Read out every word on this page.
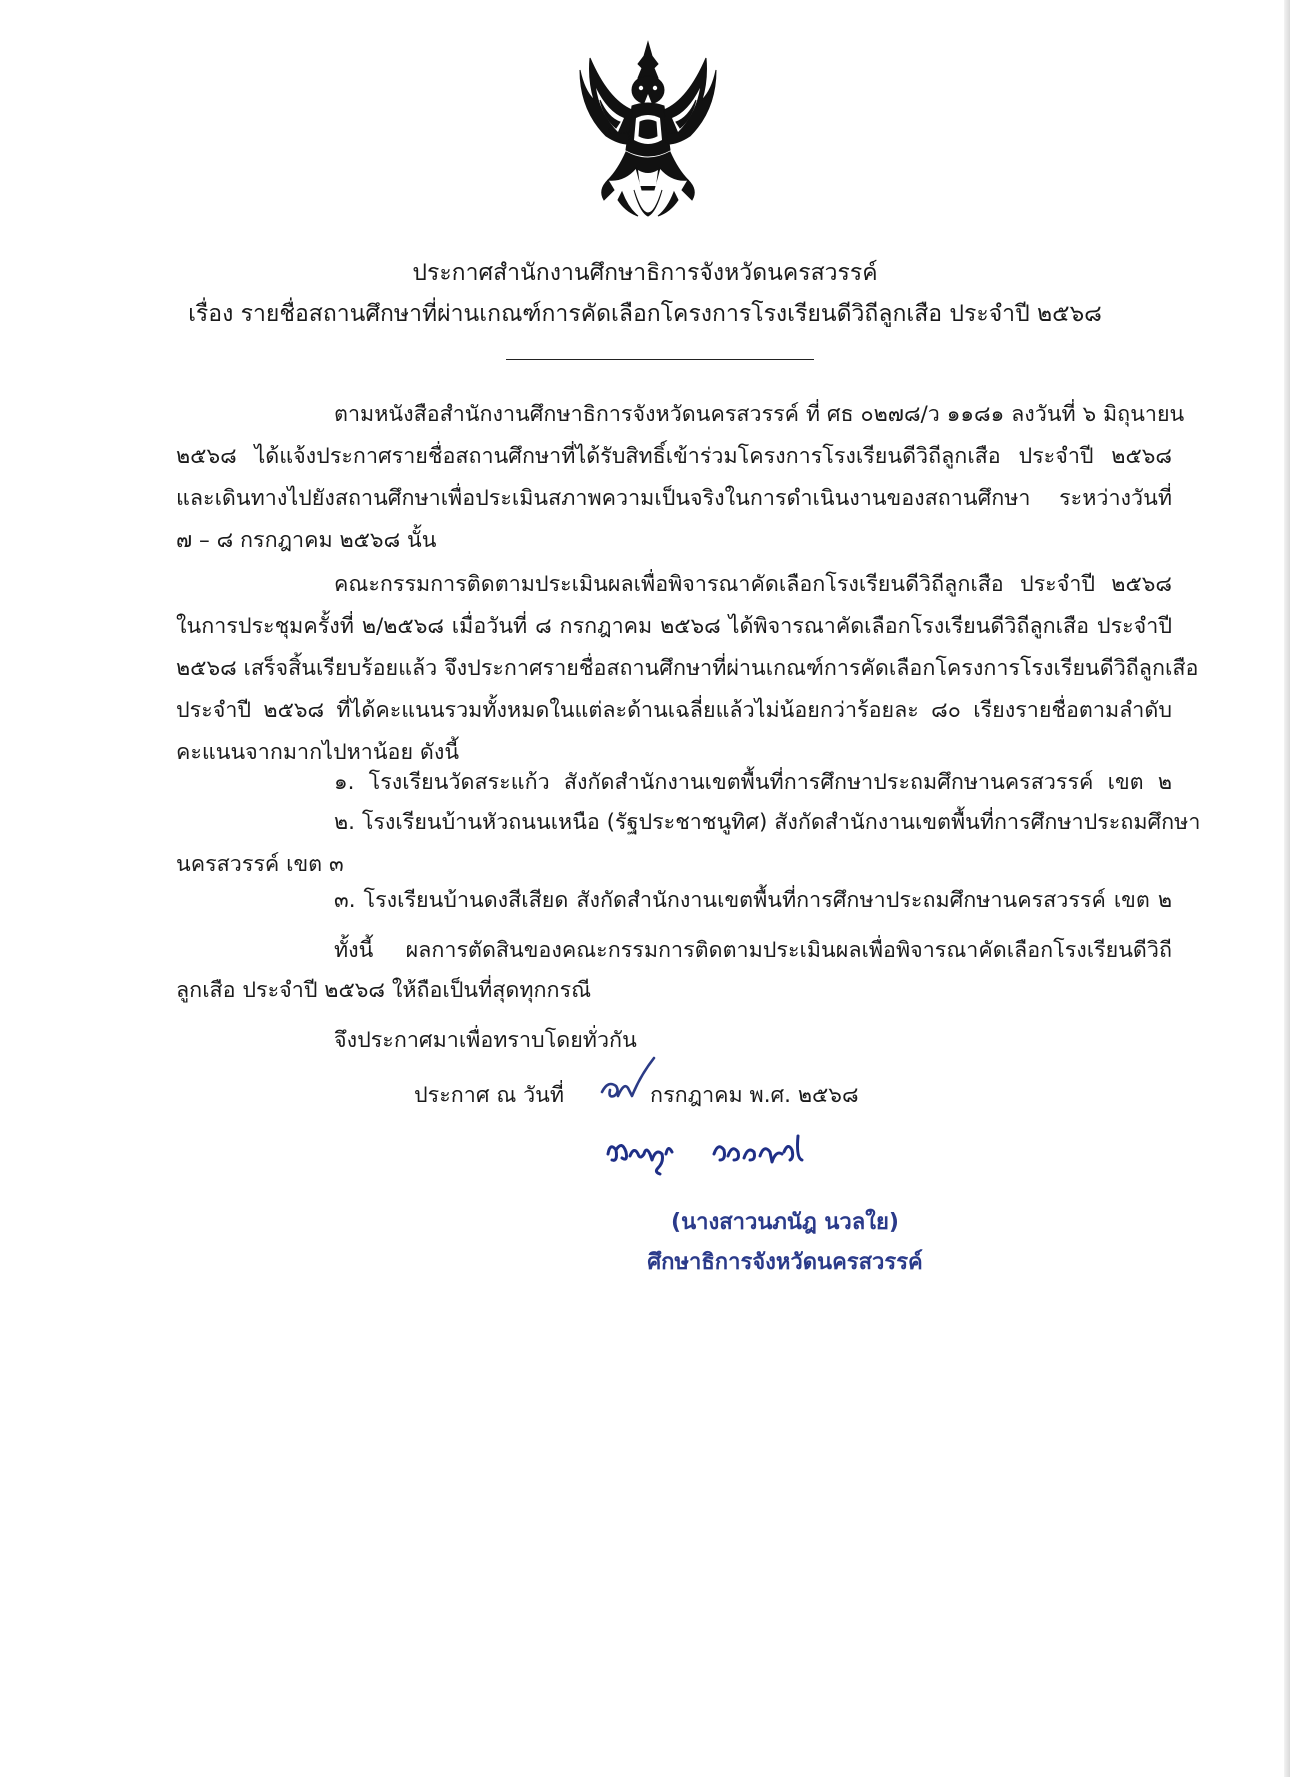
ประกาศสำนักงานศึกษาธิการจังหวัดนครสวรรค์
เรื่อง รายชื่อสถานศึกษาที่ผ่านเกณฑ์การคัดเลือกโครงการโรงเรียนดีวิถีลูกเสือ ประจำปี ๒๕๖๘
ตามหนังสือสำนักงานศึกษาธิการจังหวัดนครสวรรค์ ที่ ศธ ๐๒๗๘/ว ๑๑๘๑ ลงวันที่ ๖ มิถุนายน
๒๕๖๘ ได้แจ้งประกาศรายชื่อสถานศึกษาที่ได้รับสิทธิ์เข้าร่วมโครงการโรงเรียนดีวิถีลูกเสือ ประจำปี ๒๕๖๘
และเดินทางไปยังสถานศึกษาเพื่อประเมินสภาพความเป็นจริงในการดำเนินงานของสถานศึกษา ระหว่างวันที่
๗ – ๘ กรกฎาคม ๒๕๖๘ นั้น
คณะกรรมการติดตามประเมินผลเพื่อพิจารณาคัดเลือกโรงเรียนดีวิถีลูกเสือ ประจำปี ๒๕๖๘
ในการประชุมครั้งที่ ๒/๒๕๖๘ เมื่อวันที่ ๘ กรกฎาคม ๒๕๖๘ ได้พิจารณาคัดเลือกโรงเรียนดีวิถีลูกเสือ ประจำปี
๒๕๖๘ เสร็จสิ้นเรียบร้อยแล้ว จึงประกาศรายชื่อสถานศึกษาที่ผ่านเกณฑ์การคัดเลือกโครงการโรงเรียนดีวิถีลูกเสือ
ประจำปี ๒๕๖๘ ที่ได้คะแนนรวมทั้งหมดในแต่ละด้านเฉลี่ยแล้วไม่น้อยกว่าร้อยละ ๘๐ เรียงรายชื่อตามลำดับ
คะแนนจากมากไปหาน้อย ดังนี้
๑. โรงเรียนวัดสระแก้ว สังกัดสำนักงานเขตพื้นที่การศึกษาประถมศึกษานครสวรรค์ เขต ๒
๒. โรงเรียนบ้านหัวถนนเหนือ (รัฐประชาชนูทิศ) สังกัดสำนักงานเขตพื้นที่การศึกษาประถมศึกษา
นครสวรรค์ เขต ๓
๓. โรงเรียนบ้านดงสีเสียด สังกัดสำนักงานเขตพื้นที่การศึกษาประถมศึกษานครสวรรค์ เขต ๒
ทั้งนี้ ผลการตัดสินของคณะกรรมการติดตามประเมินผลเพื่อพิจารณาคัดเลือกโรงเรียนดีวิถี
ลูกเสือ ประจำปี ๒๕๖๘ ให้ถือเป็นที่สุดทุกกรณี
จึงประกาศมาเพื่อทราบโดยทั่วกัน
ประกาศ ณ วันที่	กรกฎาคม พ.ศ. ๒๕๖๘
(นางสาวนภนัฎ นวลใย)
ศึกษาธิการจังหวัดนครสวรรค์
